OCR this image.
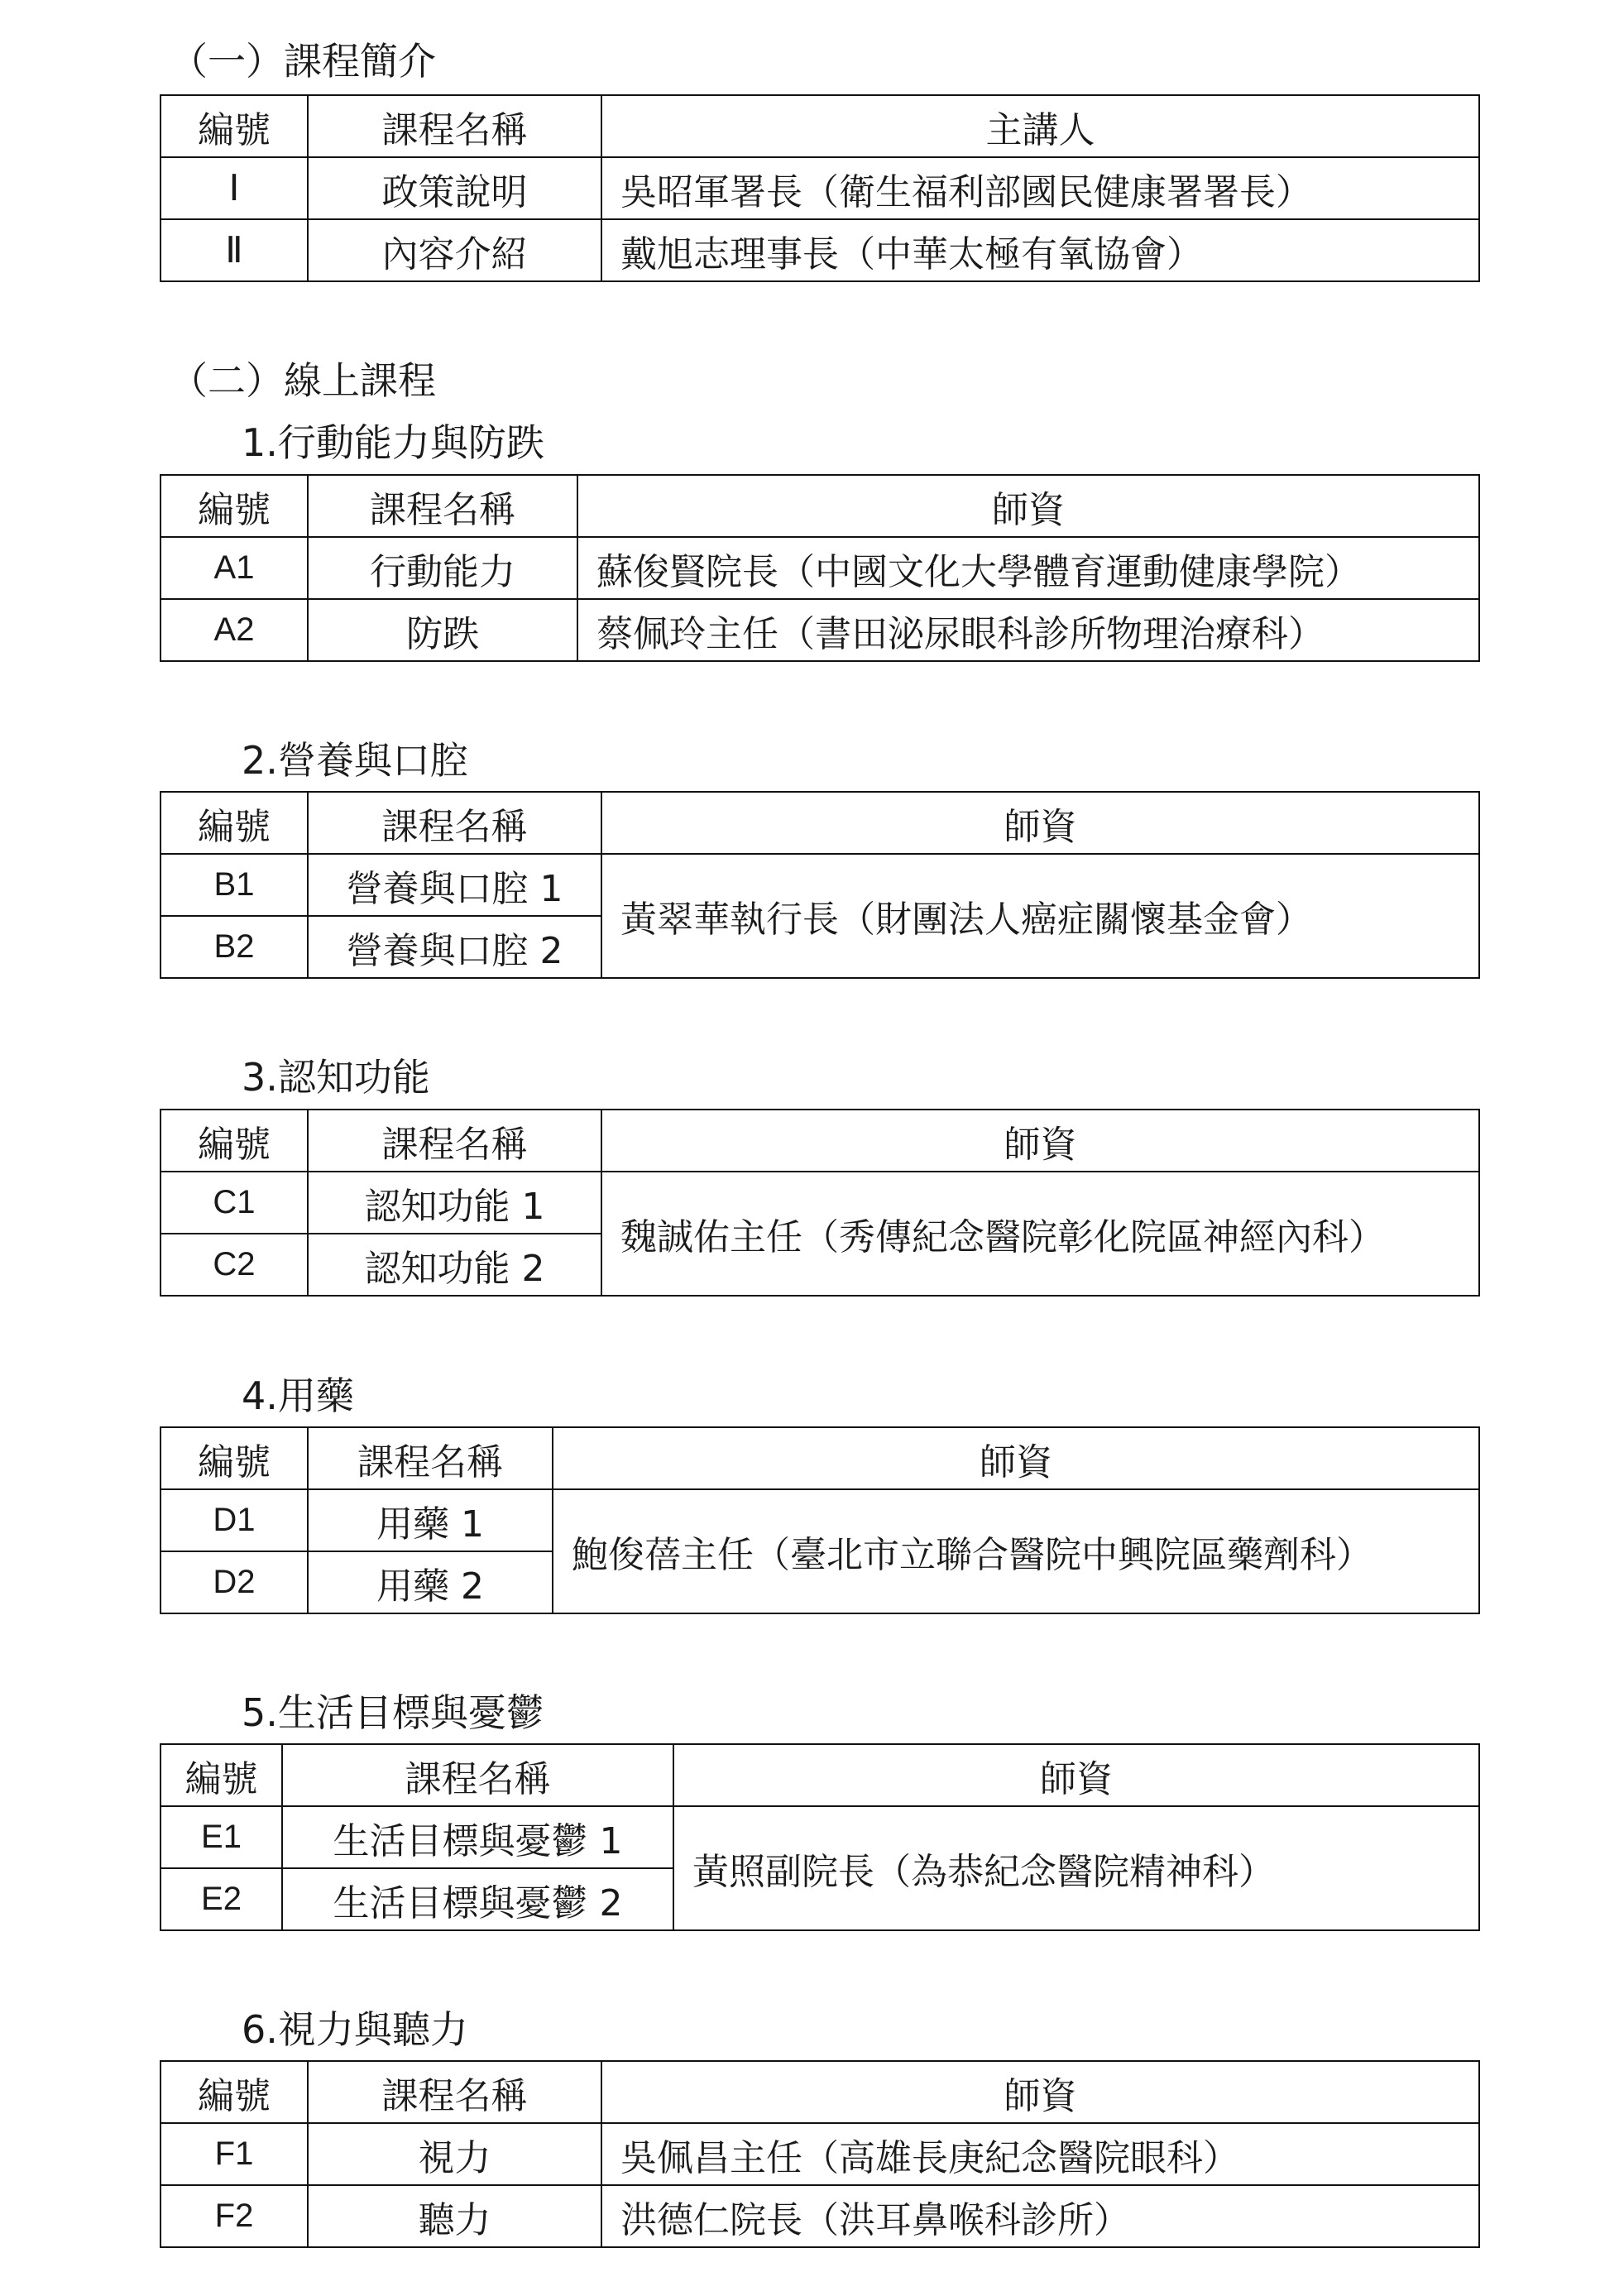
（一）課程簡介
編號	課程名稱	主講人
Ⅰ	政策說明	吳昭軍署長（衛生福利部國民健康署署長）
Ⅱ	內容介紹	戴旭志理事長（中華太極有氧協會）
（二）線上課程
1.行動能力與防跌
編號	課程名稱	師資
A1	行動能力	蘇俊賢院長（中國文化大學體育運動健康學院）
A2	防跌	蔡佩玲主任（書田泌尿眼科診所物理治療科）
2.營養與口腔
編號	課程名稱	師資
B1	營養與口腔 1	黃翠華執行長（財團法人癌症關懷基金會）
B2	營養與口腔 2	
3.認知功能
編號	課程名稱	師資
C1	認知功能 1	魏誠佑主任（秀傳紀念醫院彰化院區神經內科）
C2	認知功能 2	
4.用藥
編號	課程名稱	師資
D1	用藥 1	鮑俊蓓主任（臺北市立聯合醫院中興院區藥劑科）
D2	用藥 2	
5.生活目標與憂鬱
編號	課程名稱	師資
E1	生活目標與憂鬱 1	黃照副院長（為恭紀念醫院精神科）
E2	生活目標與憂鬱 2	
6.視力與聽力
編號	課程名稱	師資
F1	視力	吳佩昌主任（高雄長庚紀念醫院眼科）
F2	聽力	洪德仁院長（洪耳鼻喉科診所）
